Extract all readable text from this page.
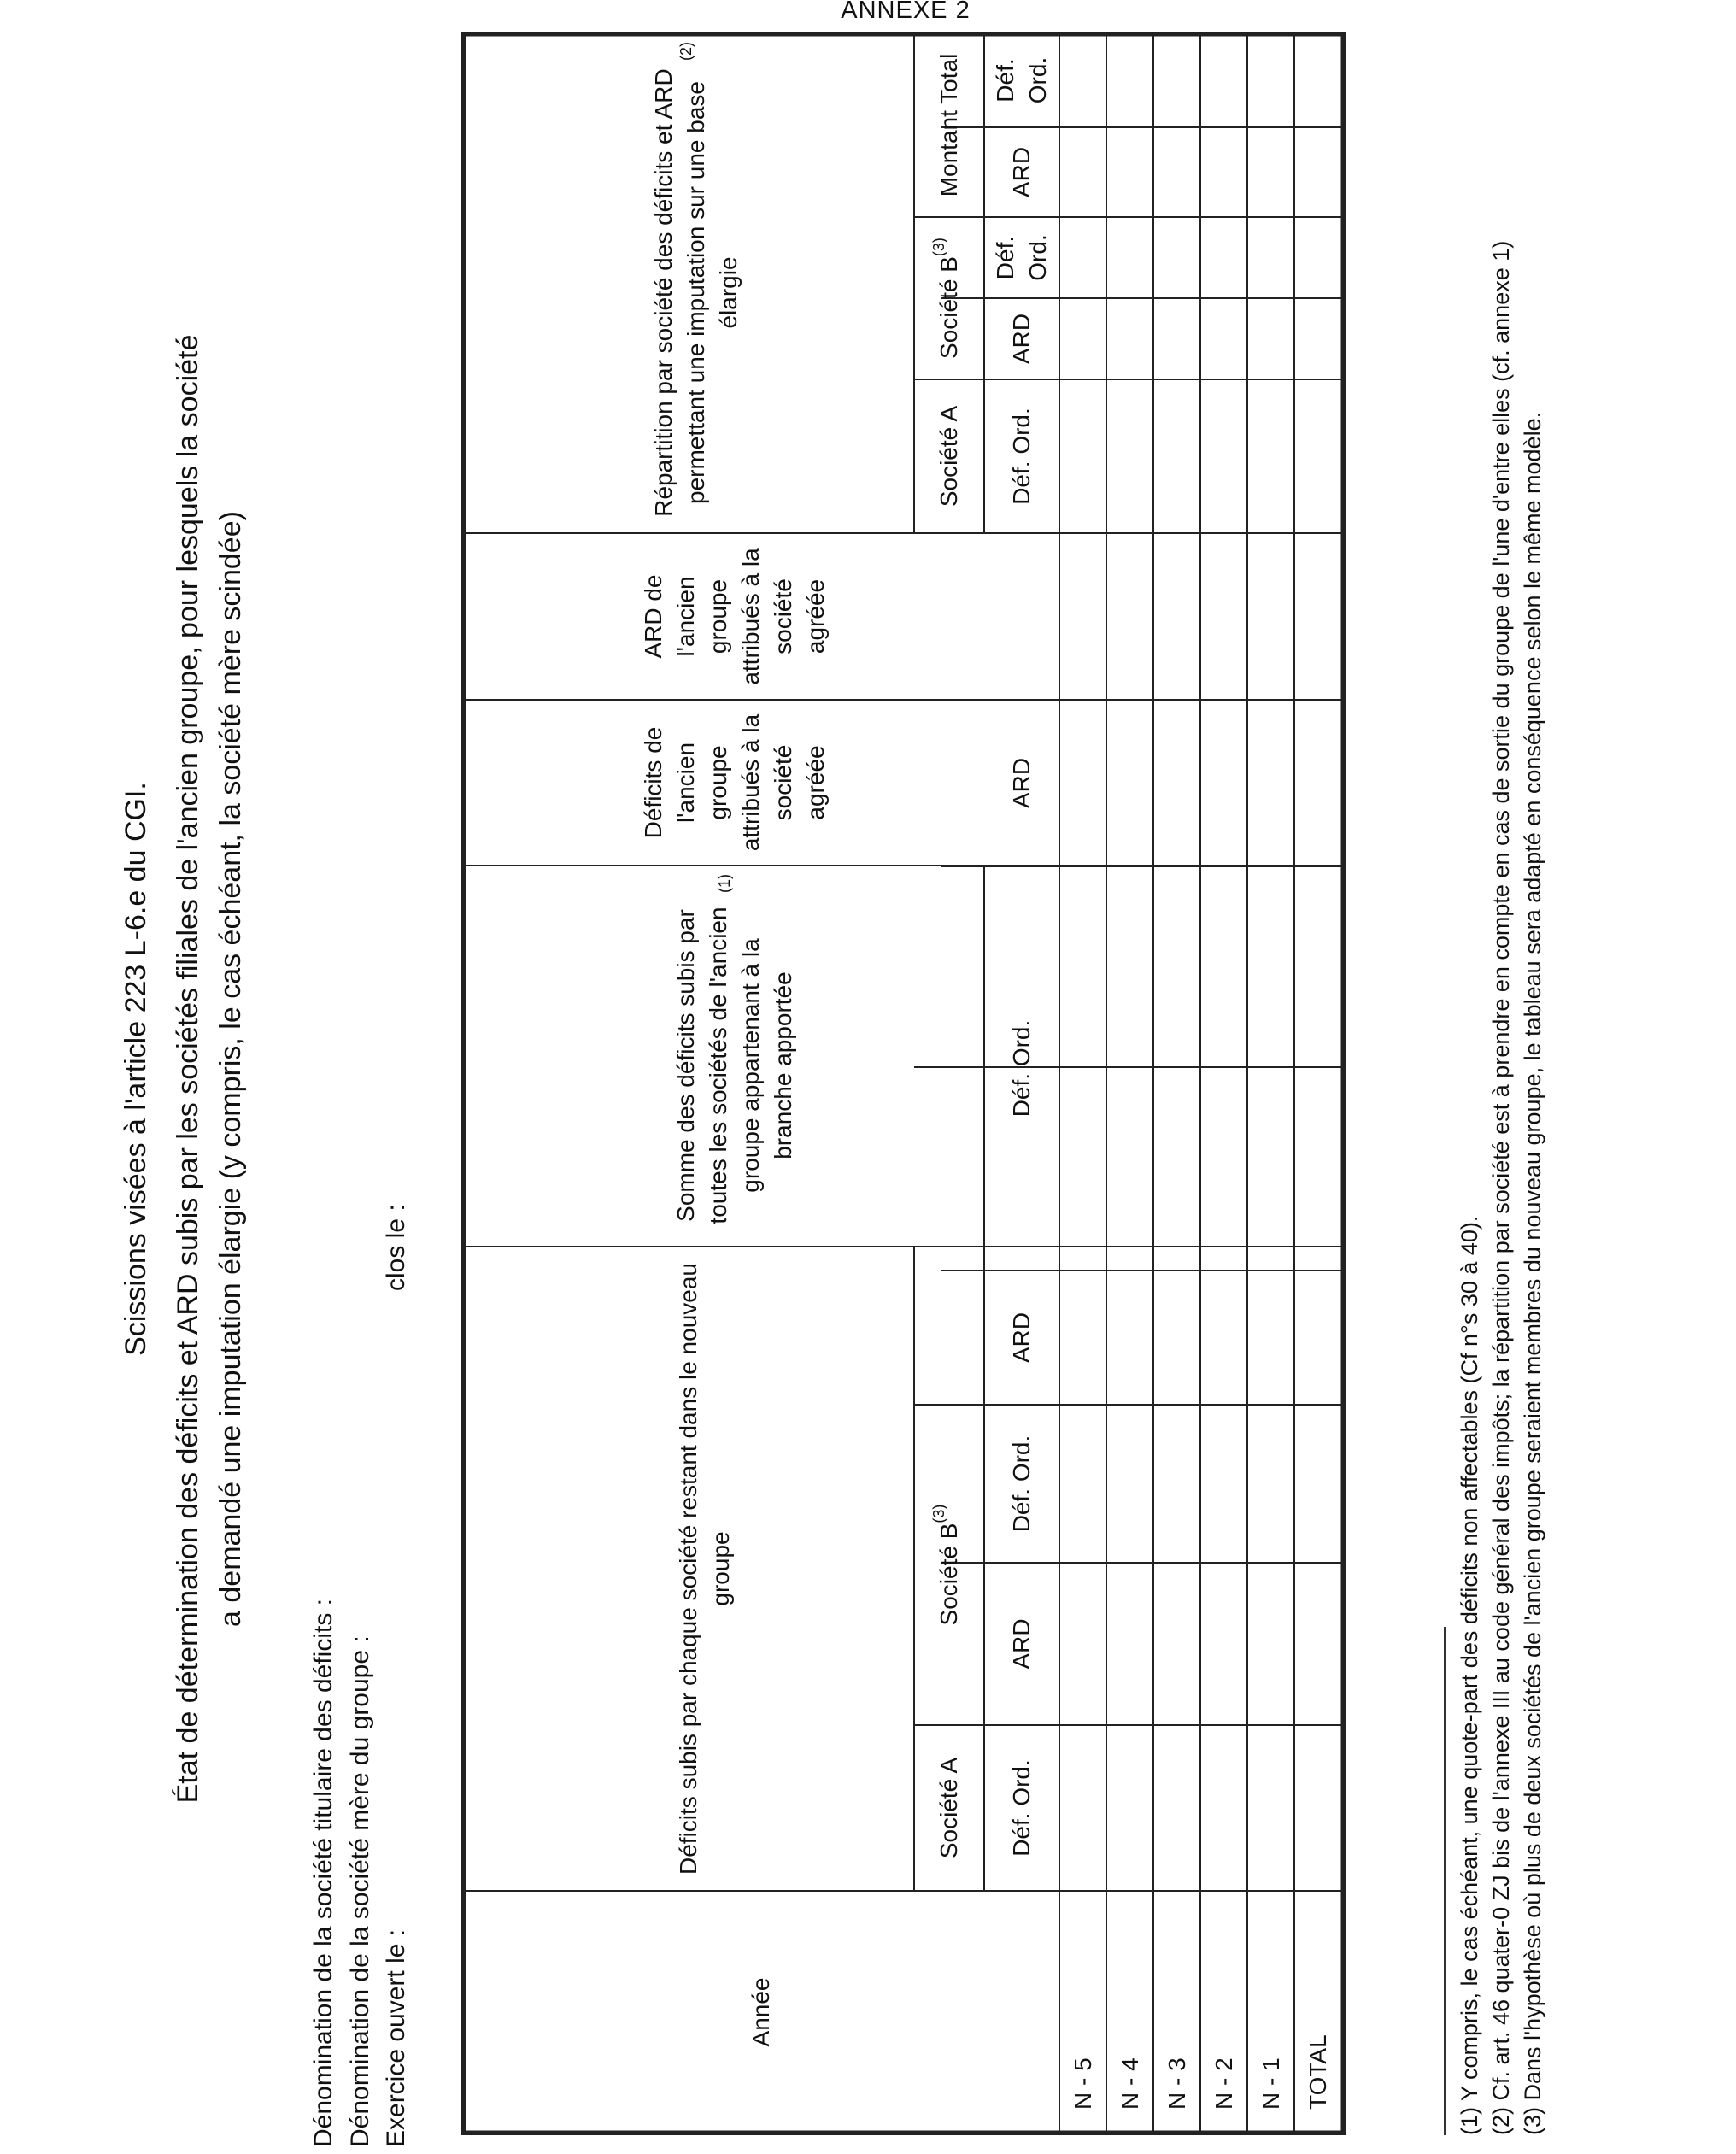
ANNEXE 2
Scissions visées à l'article 223 L-6.e du CGI. État de détermination des déficits et ARD subis par les sociétés filiales de l'ancien groupe, pour lesquels la société a demandé une imputation élargie (y compris, le cas échéant, la société mère scindée)
Dénomination de la société titulaire des déficits : Dénomination de la société mère du groupe : Exercice ouvert le :
clos le :
Année
Déficits subis par chaque société restant dans le nouveau groupe
Somme des déficits subis par toutes les sociétés de l'ancien groupe appartenant à la branche apportée
(1)
Déficits de l'ancien groupe attribués à la société agréée
ARD de l'ancien groupe attribués à la société agréée
Répartition par société des déficits et ARD permettant une imputation sur une base élargie
(2)
Société A
Société B
(3)
Société A
Société B
(3)
Montant Total
Déf. Ord.
ARD
Déf. Ord.
ARD
Déf. Ord.
ARD
Déf. Ord.
ARD
Déf. Ord.
ARD
Déf. Ord.
N - 5 N - 4 N - 3 N - 2 N - 1 TOTAL	(1) Y compris, le cas échéant, une quote-part des déficits non affectables (Cf n°s 30 à 40). (2) Cf. art. 46 quater-0 ZJ bis de l'annexe III au code général des impôts; la répartition par société est à prendre en compte en cas de sortie du groupe de l'une d'entre elles (cf. annexe 1) (3) Dans l'hypothèse où plus de deux sociétés de l'ancien groupe seraient membres du nouveau groupe, le tableau sera adapté en conséquence selon le même modèle.
